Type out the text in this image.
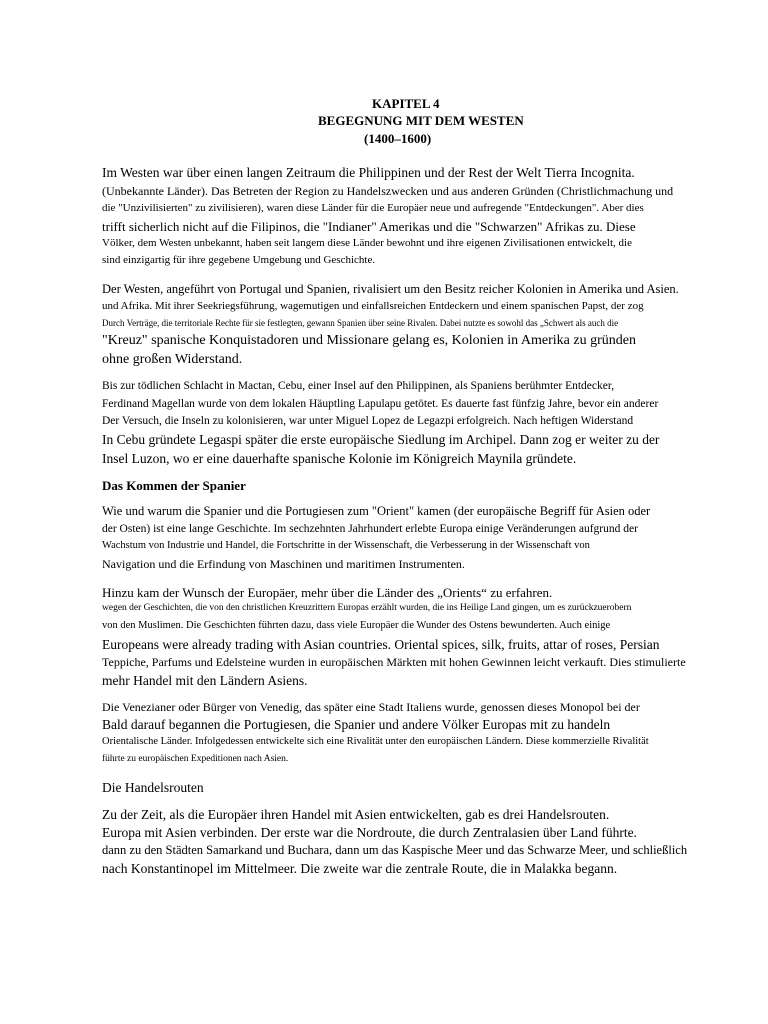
KAPITEL 4
BEGEGNUNG MIT DEM WESTEN
(1400–1600)
Im Westen war über einen langen Zeitraum die Philippinen und der Rest der Welt Tierra Incognita.
(Unbekannte Länder). Das Betreten der Region zu Handelszwecken und aus anderen Gründen (Christlichmachung und
die "Unzivilisierten" zu zivilisieren), waren diese Länder für die Europäer neue und aufregende "Entdeckungen". Aber dies
trifft sicherlich nicht auf die Filipinos, die "Indianer" Amerikas und die "Schwarzen" Afrikas zu. Diese
Völker, dem Westen unbekannt, haben seit langem diese Länder bewohnt und ihre eigenen Zivilisationen entwickelt, die
sind einzigartig für ihre gegebene Umgebung und Geschichte.
Der Westen, angeführt von Portugal und Spanien, rivalisiert um den Besitz reicher Kolonien in Amerika und Asien.
und Afrika. Mit ihrer Seekriegsführung, wagemutigen und einfallsreichen Entdeckern und einem spanischen Papst, der zog
Durch Verträge, die territoriale Rechte für sie festlegten, gewann Spanien über seine Rivalen. Dabei nutzte es sowohl das „Schwert als auch die
"Kreuz" spanische Konquistadoren und Missionare gelang es, Kolonien in Amerika zu gründen
ohne großen Widerstand.
Bis zur tödlichen Schlacht in Mactan, Cebu, einer Insel auf den Philippinen, als Spaniens berühmter Entdecker,
Ferdinand Magellan wurde von dem lokalen Häuptling Lapulapu getötet. Es dauerte fast fünfzig Jahre, bevor ein anderer
Der Versuch, die Inseln zu kolonisieren, war unter Miguel Lopez de Legazpi erfolgreich. Nach heftigen Widerstand
In Cebu gründete Legaspi später die erste europäische Siedlung im Archipel. Dann zog er weiter zu der
Insel Luzon, wo er eine dauerhafte spanische Kolonie im Königreich Maynila gründete.
Das Kommen der Spanier
Wie und warum die Spanier und die Portugiesen zum "Orient" kamen (der europäische Begriff für Asien oder
der Osten) ist eine lange Geschichte. Im sechzehnten Jahrhundert erlebte Europa einige Veränderungen aufgrund der
Wachstum von Industrie und Handel, die Fortschritte in der Wissenschaft, die Verbesserung in der Wissenschaft von
Navigation und die Erfindung von Maschinen und maritimen Instrumenten.
Hinzu kam der Wunsch der Europäer, mehr über die Länder des „Orients“ zu erfahren.
wegen der Geschichten, die von den christlichen Kreuzrittern Europas erzählt wurden, die ins Heilige Land gingen, um es zurückzuerobern
von den Muslimen. Die Geschichten führten dazu, dass viele Europäer die Wunder des Ostens bewunderten. Auch einige
Europeans were already trading with Asian countries. Oriental spices, silk, fruits, attar of roses, Persian
Teppiche, Parfums und Edelsteine wurden in europäischen Märkten mit hohen Gewinnen leicht verkauft. Dies stimulierte
mehr Handel mit den Ländern Asiens.
Die Venezianer oder Bürger von Venedig, das später eine Stadt Italiens wurde, genossen dieses Monopol bei der
Bald darauf begannen die Portugiesen, die Spanier und andere Völker Europas mit zu handeln
Orientalische Länder. Infolgedessen entwickelte sich eine Rivalität unter den europäischen Ländern. Diese kommerzielle Rivalität
führte zu europäischen Expeditionen nach Asien.
Die Handelsrouten
Zu der Zeit, als die Europäer ihren Handel mit Asien entwickelten, gab es drei Handelsrouten.
Europa mit Asien verbinden. Der erste war die Nordroute, die durch Zentralasien über Land führte.
dann zu den Städten Samarkand und Buchara, dann um das Kaspische Meer und das Schwarze Meer, und schließlich
nach Konstantinopel im Mittelmeer. Die zweite war die zentrale Route, die in Malakka begann.
